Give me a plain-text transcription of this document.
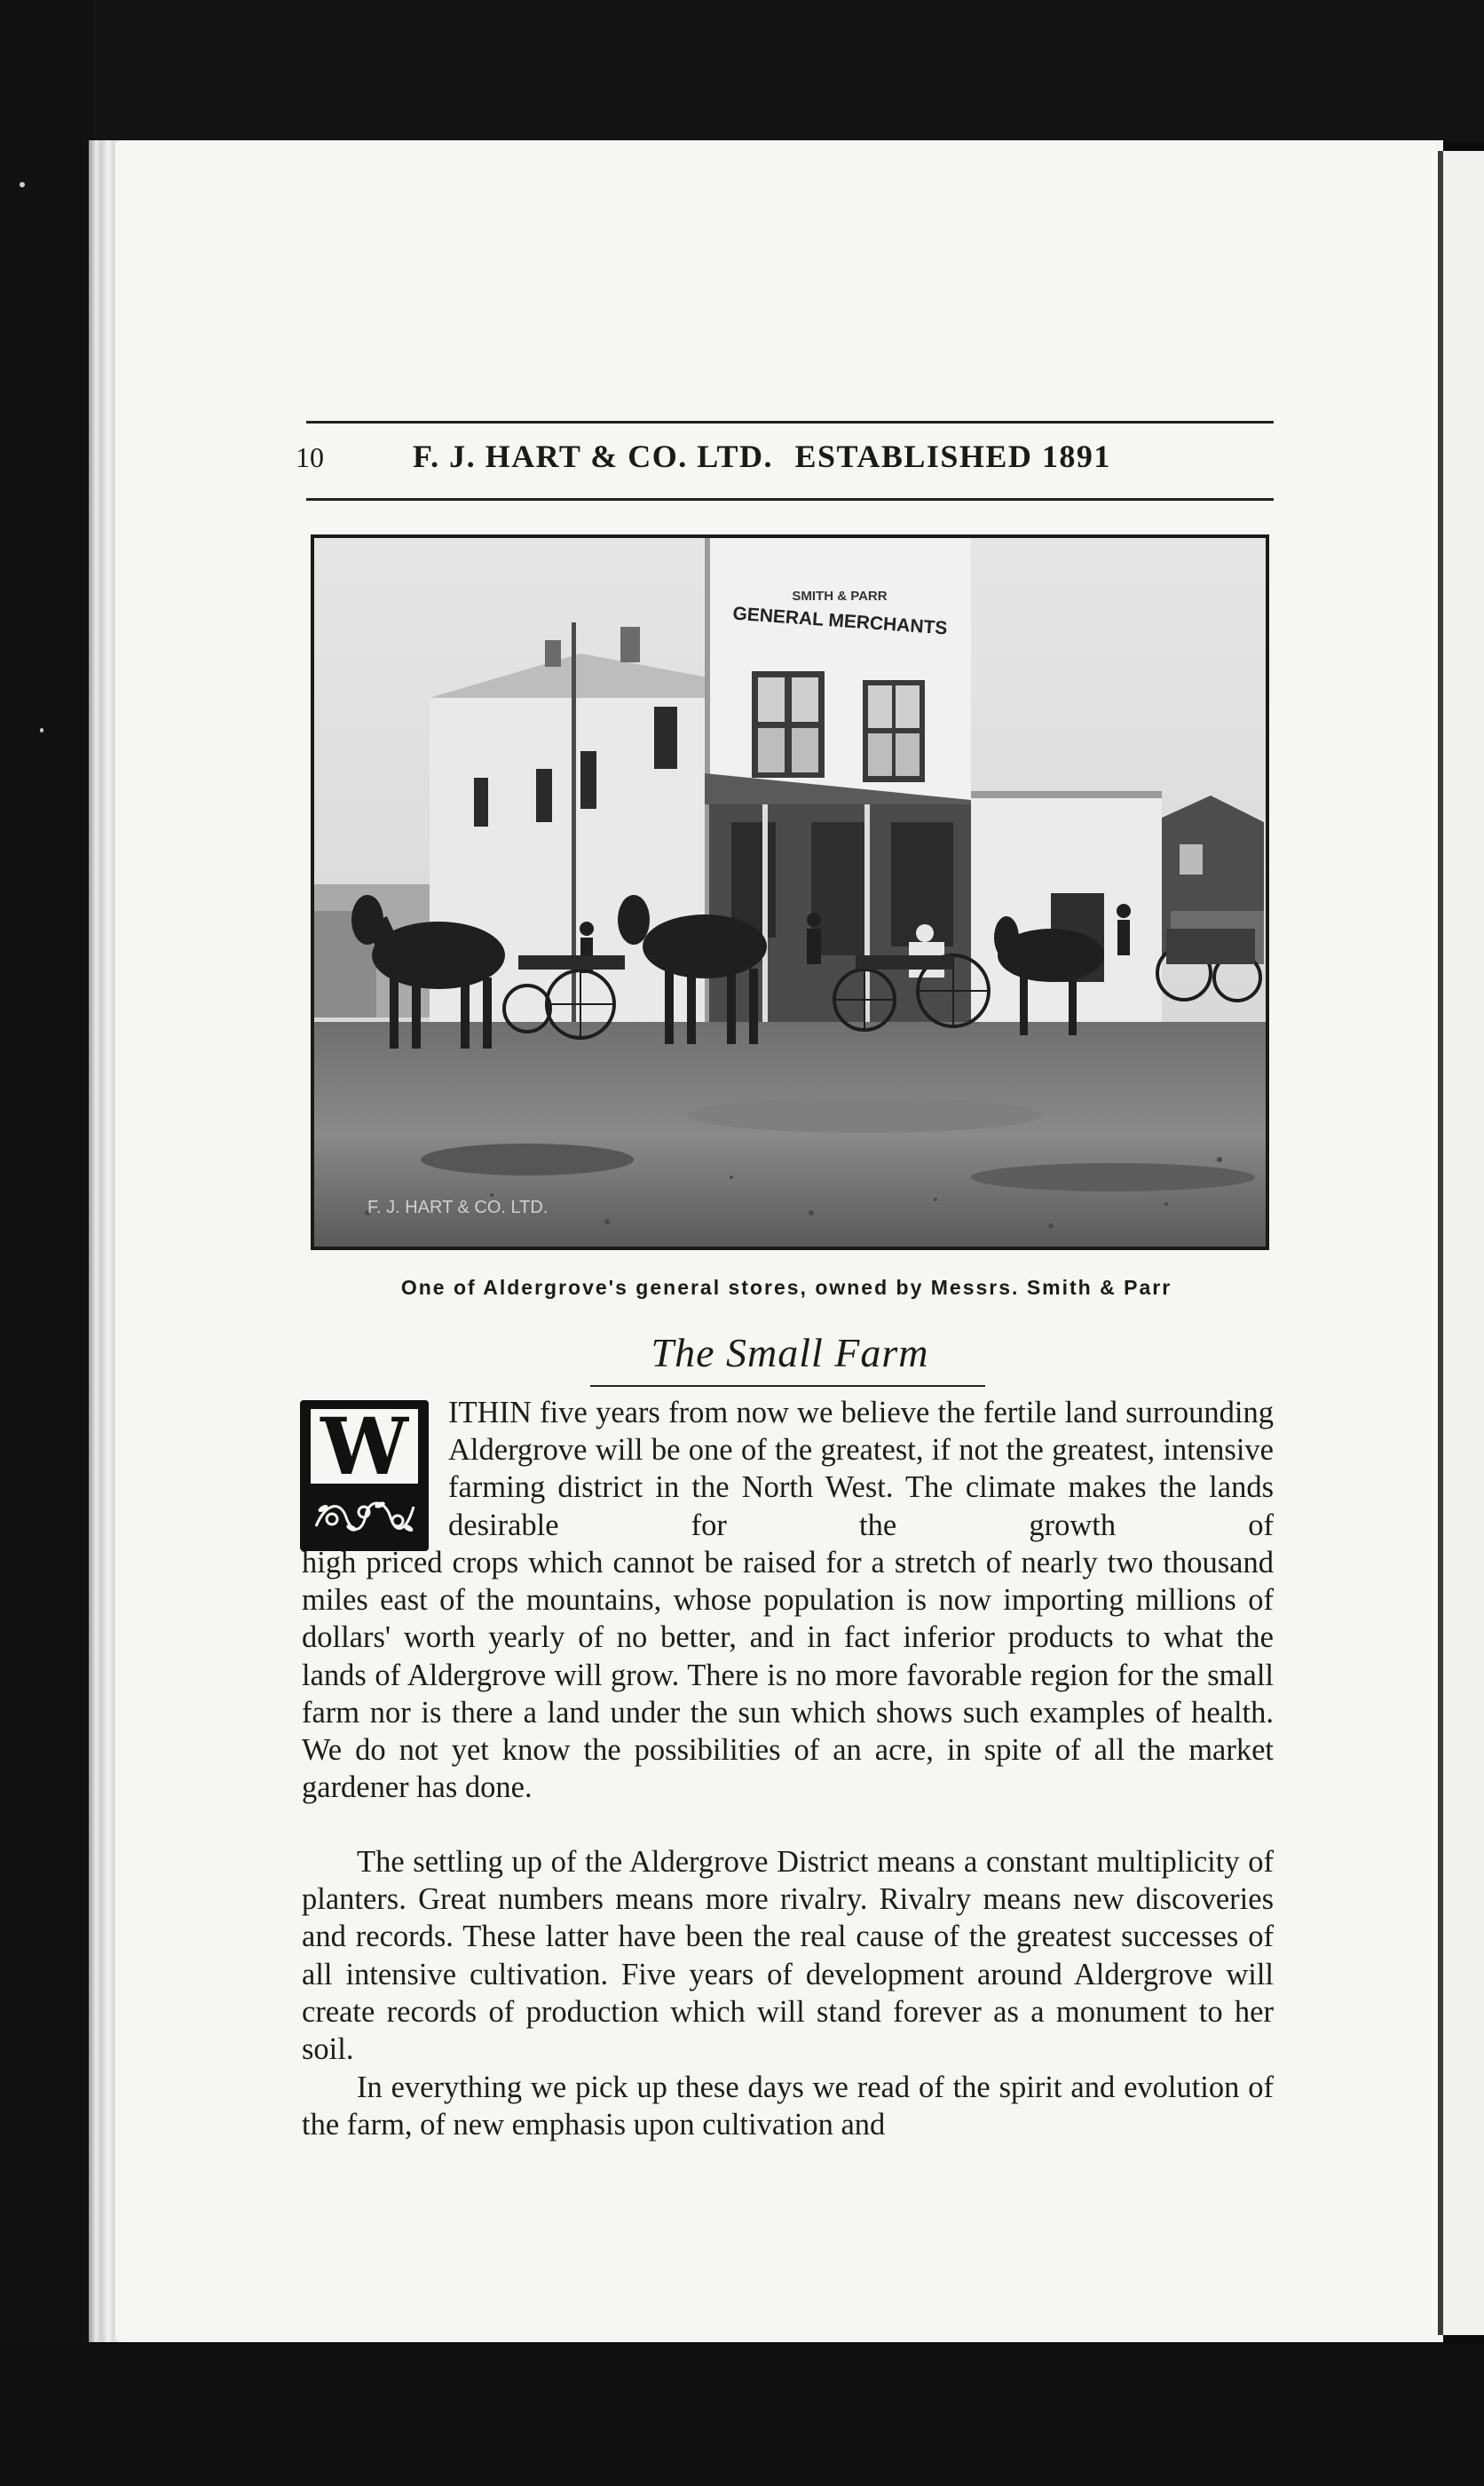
10	F. J. HART & CO. LTD. ESTABLISHED 1891
SMITH & PARR
GENERAL MERCHANTS
F. J. HART & CO. LTD.
One of Aldergrove's general stores, owned by Messrs. Smith & Parr
The Small Farm
W ITHIN five years from now we believe the fertile land surrounding Aldergrove will be one of the greatest, if not the greatest, intensive farming district in the North West. The climate makes the lands desirable for the growth of
high priced crops which cannot be raised for a stretch of nearly two thousand miles east of the mountains, whose population is now importing millions of dollars' worth yearly of no better, and in fact inferior products to what the lands of Aldergrove will grow. There is no more favorable region for the small farm nor is there a land under the sun which shows such examples of health. We do not yet know the possibilities of an acre, in spite of all the market gardener has done.
The settling up of the Aldergrove District means a constant multiplicity of planters. Great numbers means more rivalry. Rivalry means new discoveries and records. These latter have been the real cause of the greatest successes of all intensive cultivation. Five years of development around Aldergrove will create records of production which will stand forever as a monument to her soil.
In everything we pick up these days we read of the spirit and evolution of the farm, of new emphasis upon cultivation and
